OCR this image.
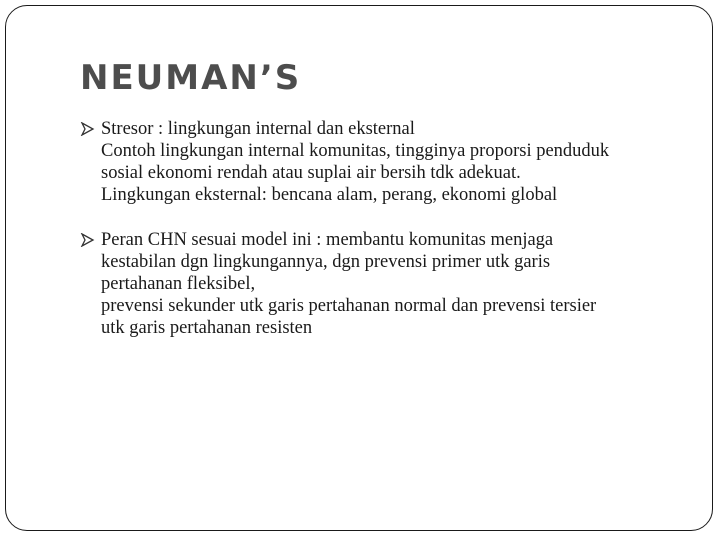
NEUMAN’S
Stresor : lingkungan internal dan eksternal
Contoh lingkungan internal komunitas, tingginya proporsi penduduk
sosial ekonomi rendah atau suplai air bersih tdk adekuat.
Lingkungan eksternal: bencana alam, perang, ekonomi global
Peran CHN sesuai model ini : membantu komunitas menjaga
kestabilan dgn lingkungannya, dgn prevensi primer utk garis
pertahanan fleksibel,
prevensi sekunder utk garis pertahanan normal dan prevensi tersier
utk garis pertahanan resisten
